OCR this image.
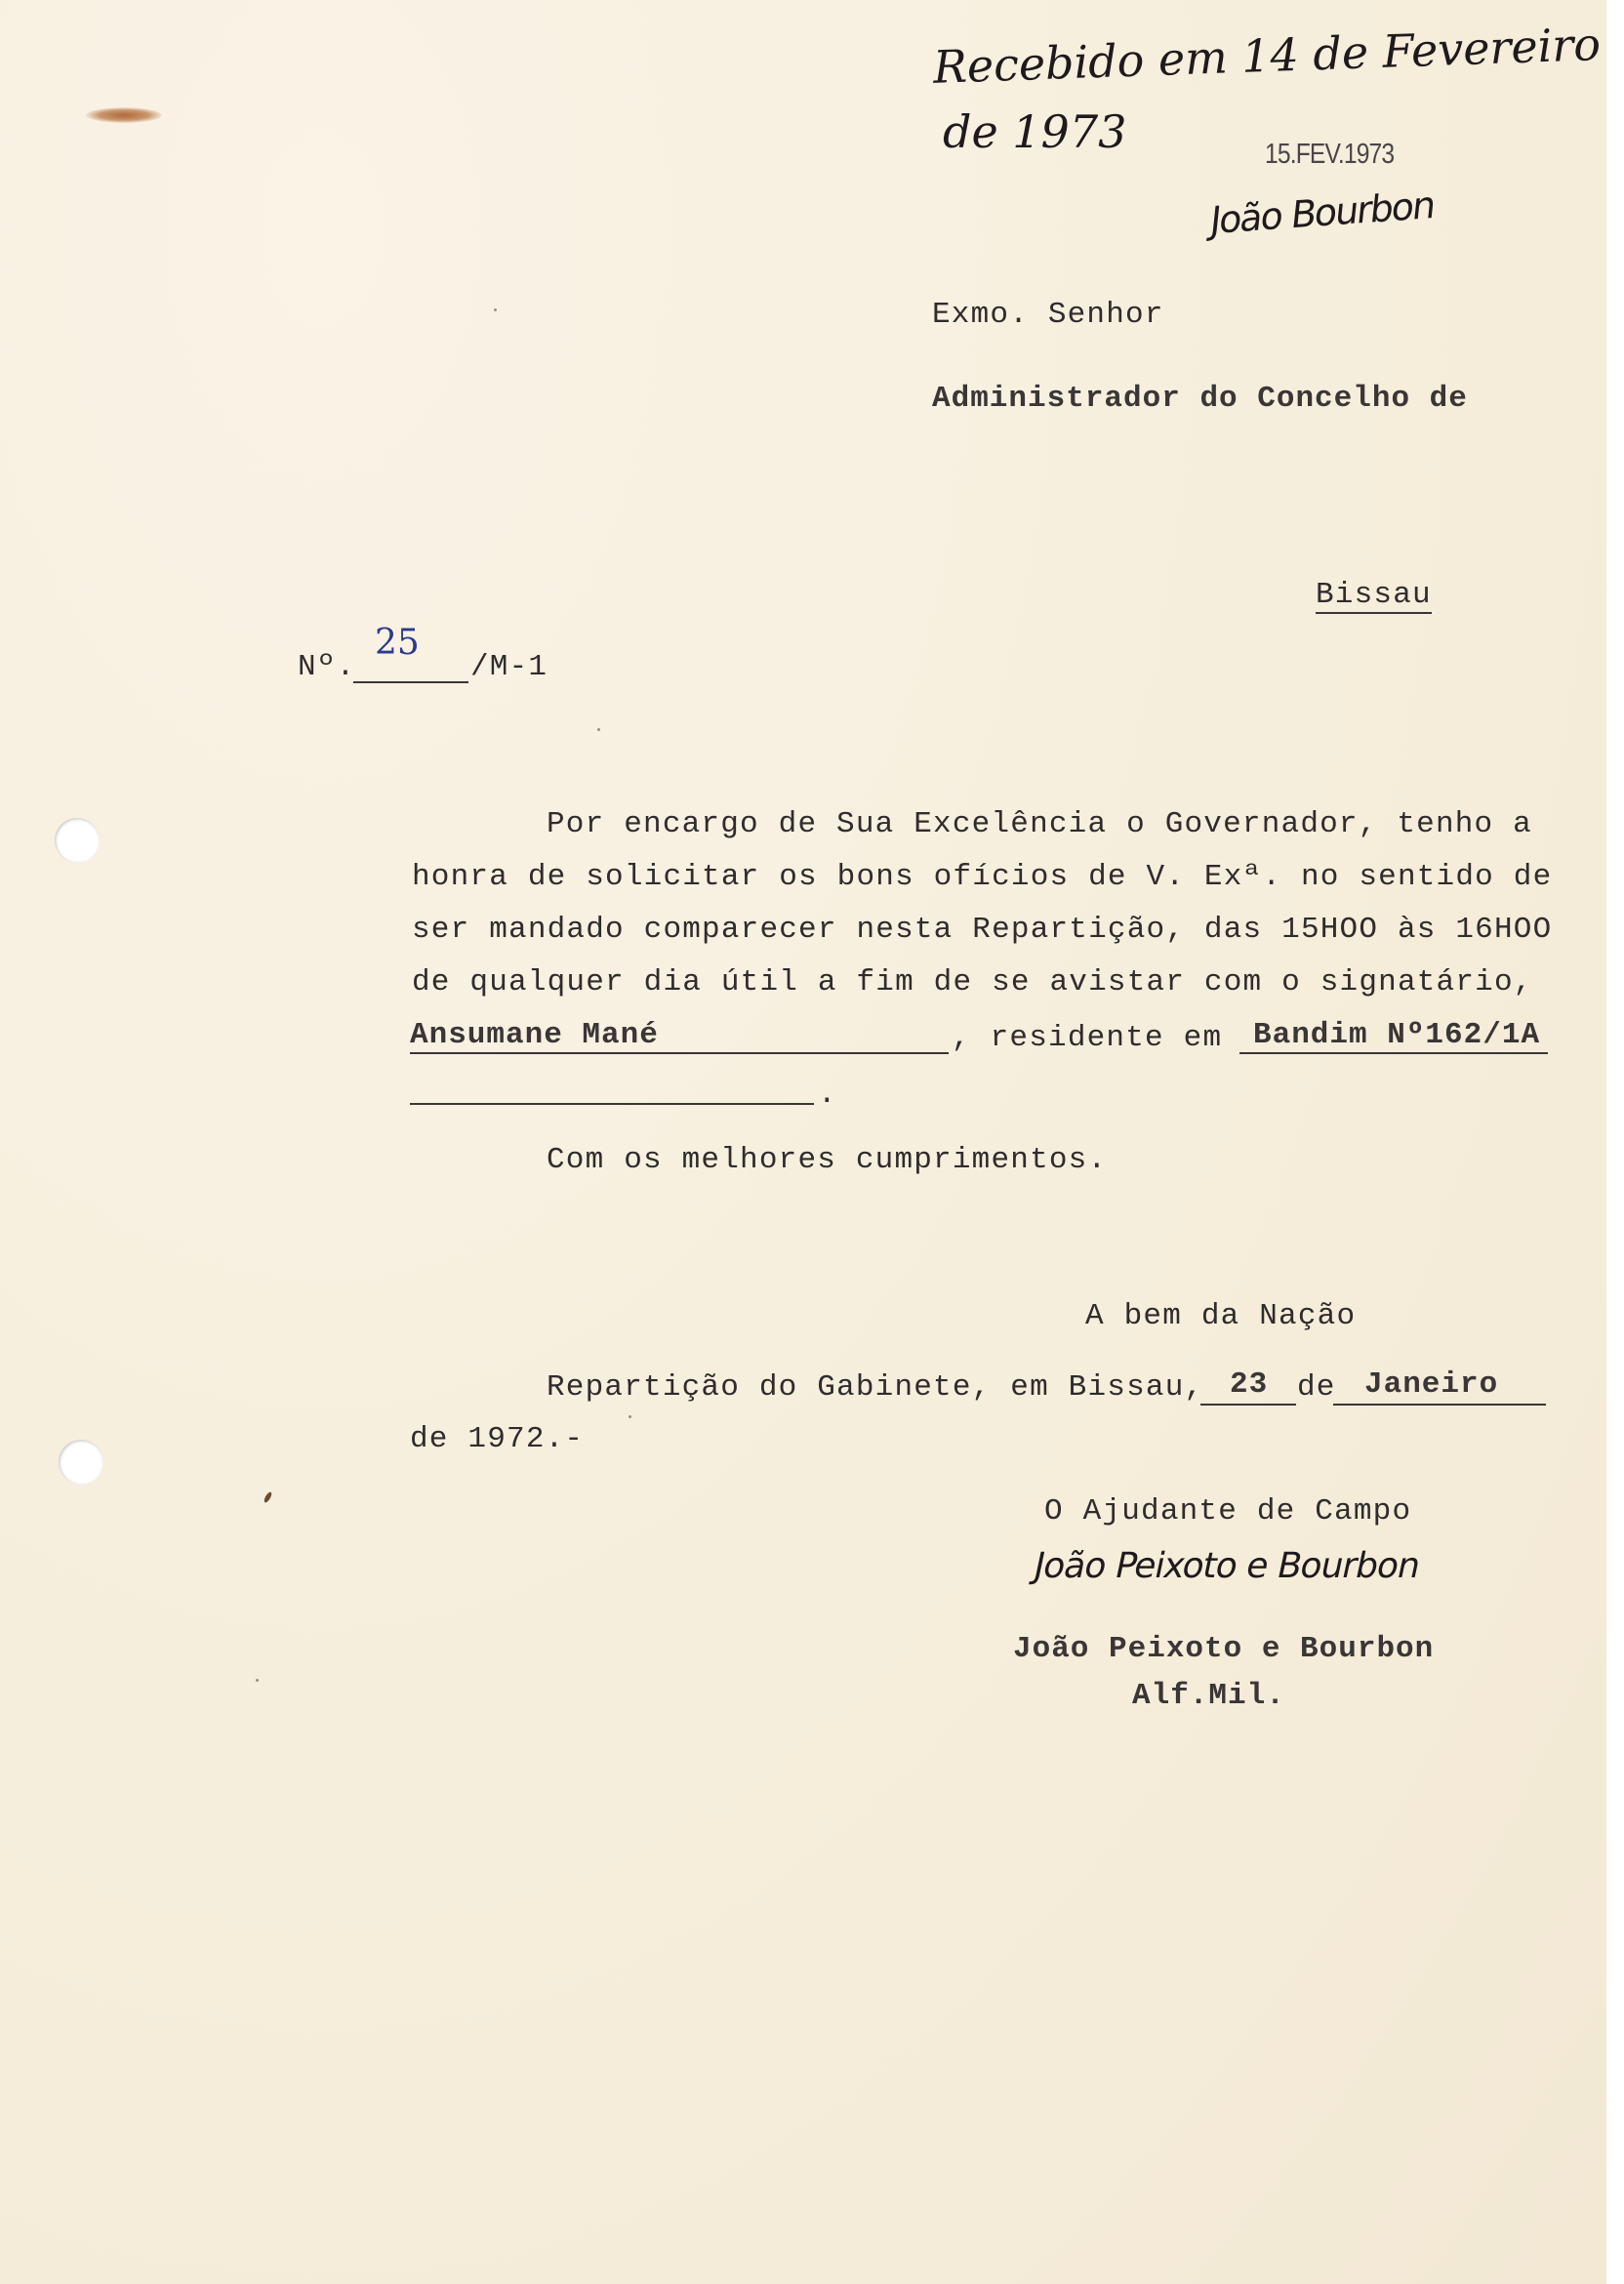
Recebido em 14 de Fevereiro

de 1973	15.FEV.1973

João Bourbon

Exmo. Senhor

Administrador do Concelho de

Bissau

Nº.

25

/M-1

Por encargo de Sua Excelência o Governador, tenho a

honra de solicitar os bons ofícios de V. Exª. no sentido de

ser mandado comparecer nesta Repartição, das 15HOO às 16HOO

de qualquer dia útil a fim de se avistar com o signatário,

Ansumane Mané	, residente em Bandim Nº162/1A

.

Com os melhores cumprimentos.

A bem da Nação

Repartição do Gabinete, em Bissau, 23 de Janeiro

de 1972.-

O Ajudante de Campo

João Peixoto e Bourbon

João Peixoto e Bourbon

Alf.Mil.
